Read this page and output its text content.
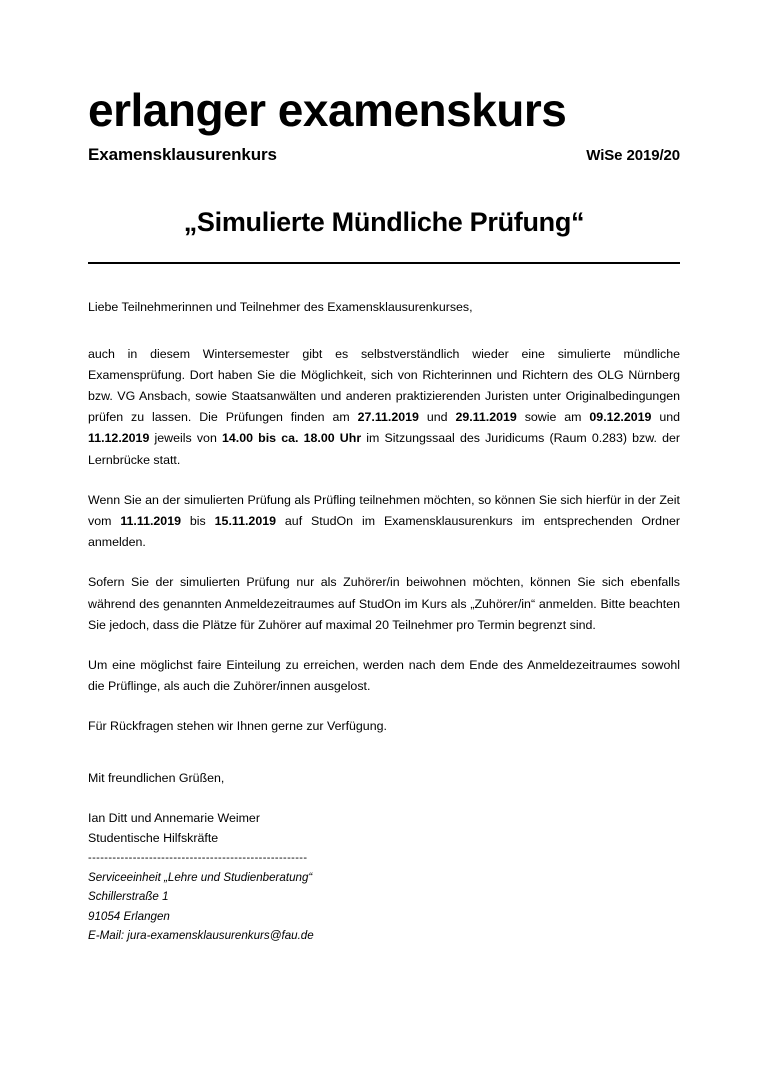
erlanger examenskurs
Examensklausurenkurs	WiSe 2019/20
„Simulierte Mündliche Prüfung“

Liebe Teilnehmerinnen und Teilnehmer des Examensklausurenkurses,

auch in diesem Wintersemester gibt es selbstverständlich wieder eine simulierte mündliche Examensprüfung. Dort haben Sie die Möglichkeit, sich von Richterinnen und Richtern des OLG Nürnberg bzw. VG Ansbach, sowie Staatsanwälten und anderen praktizierenden Juristen unter Originalbedingungen prüfen zu lassen. Die Prüfungen finden am 27.11.2019 und 29.11.2019 sowie am 09.12.2019 und 11.12.2019 jeweils von 14.00 bis ca. 18.00 Uhr im Sitzungssaal des Juridicums (Raum 0.283) bzw. der Lernbrücke statt.

Wenn Sie an der simulierten Prüfung als Prüfling teilnehmen möchten, so können Sie sich hierfür in der Zeit vom 11.11.2019 bis 15.11.2019 auf StudOn im Examensklausurenkurs im entsprechenden Ordner anmelden.

Sofern Sie der simulierten Prüfung nur als Zuhörer/in beiwohnen möchten, können Sie sich ebenfalls während des genannten Anmeldezeitraumes auf StudOn im Kurs als „Zuhörer/in“ anmelden. Bitte beachten Sie jedoch, dass die Plätze für Zuhörer auf maximal 20 Teilnehmer pro Termin begrenzt sind.

Um eine möglichst faire Einteilung zu erreichen, werden nach dem Ende des Anmeldezeitraumes sowohl die Prüflinge, als auch die Zuhörer/innen ausgelost.

Für Rückfragen stehen wir Ihnen gerne zur Verfügung.

Mit freundlichen Grüßen,
Ian Ditt und Annemarie Weimer
Studentische Hilfskräfte
------------------------------------------------------
Serviceeinheit „Lehre und Studienberatung“
Schillerstraße 1
91054 Erlangen
E-Mail: jura-examensklausurenkurs@fau.de
